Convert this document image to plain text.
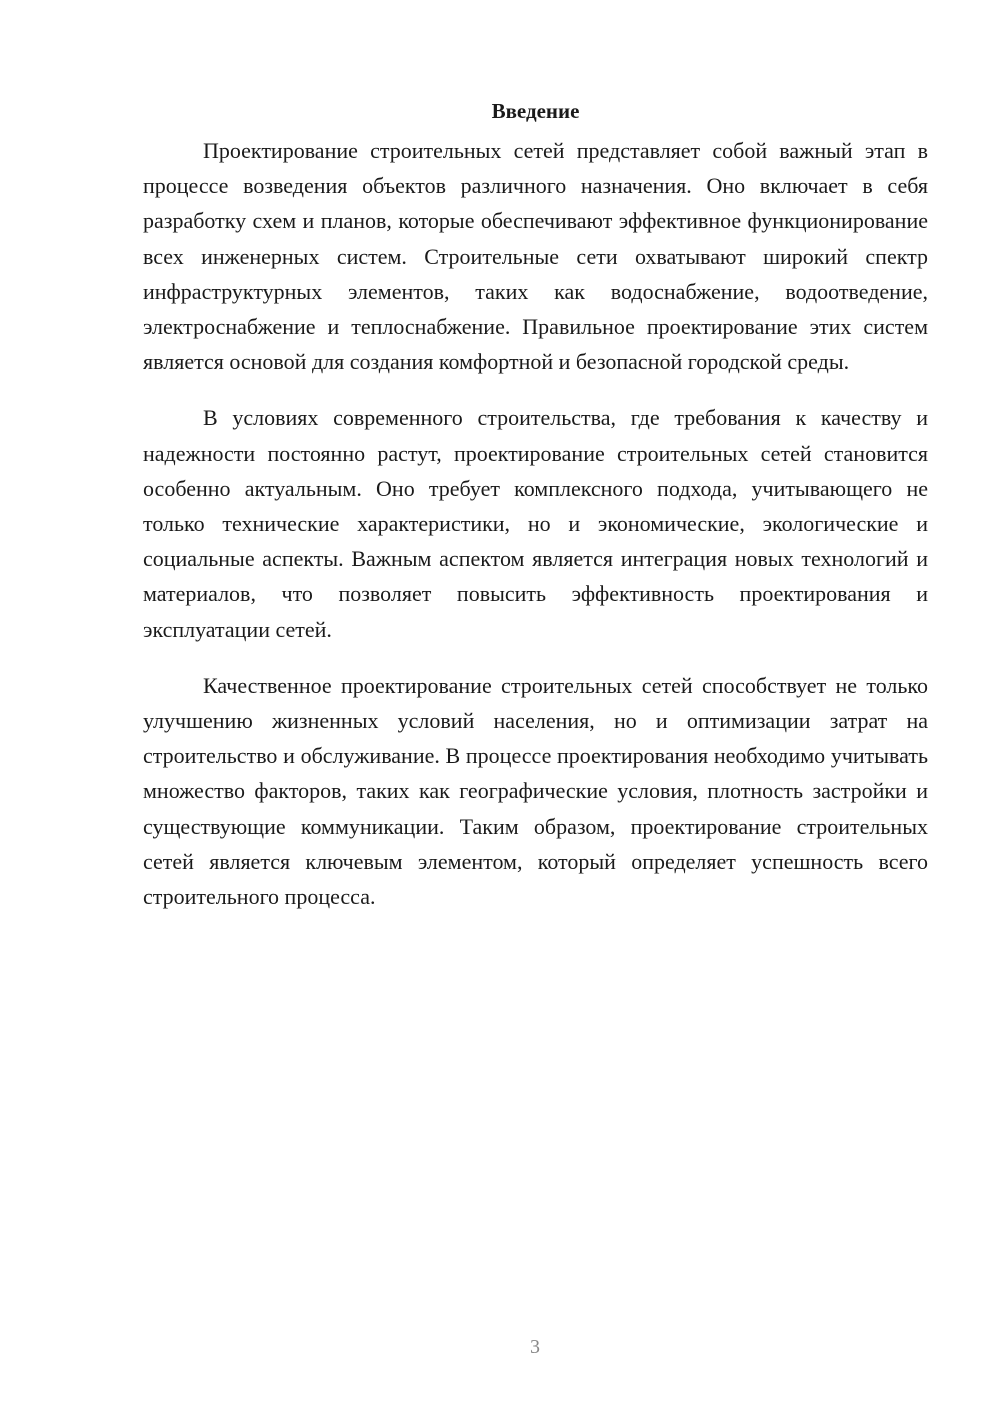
Введение

Проектирование строительных сетей представляет собой важный этап в процессе возведения объектов различного назначения. Оно включает в себя разработку схем и планов, которые обеспечивают эффективное функционирование всех инженерных систем. Строительные сети охватывают широкий спектр инфраструктурных элементов, таких как водоснабжение, водоотведение, электроснабжение и теплоснабжение. Правильное проектирование этих систем является основой для создания комфортной и безопасной городской среды.

В условиях современного строительства, где требования к качеству и надежности постоянно растут, проектирование строительных сетей становится особенно актуальным. Оно требует комплексного подхода, учитывающего не только технические характеристики, но и экономические, экологические и социальные аспекты. Важным аспектом является интеграция новых технологий и материалов, что позволяет повысить эффективность проектирования и эксплуатации сетей.

Качественное проектирование строительных сетей способствует не только улучшению жизненных условий населения, но и оптимизации затрат на строительство и обслуживание. В процессе проектирования необходимо учитывать множество факторов, таких как географические условия, плотность застройки и существующие коммуникации. Таким образом, проектирование строительных сетей является ключевым элементом, который определяет успешность всего строительного процесса.

3
